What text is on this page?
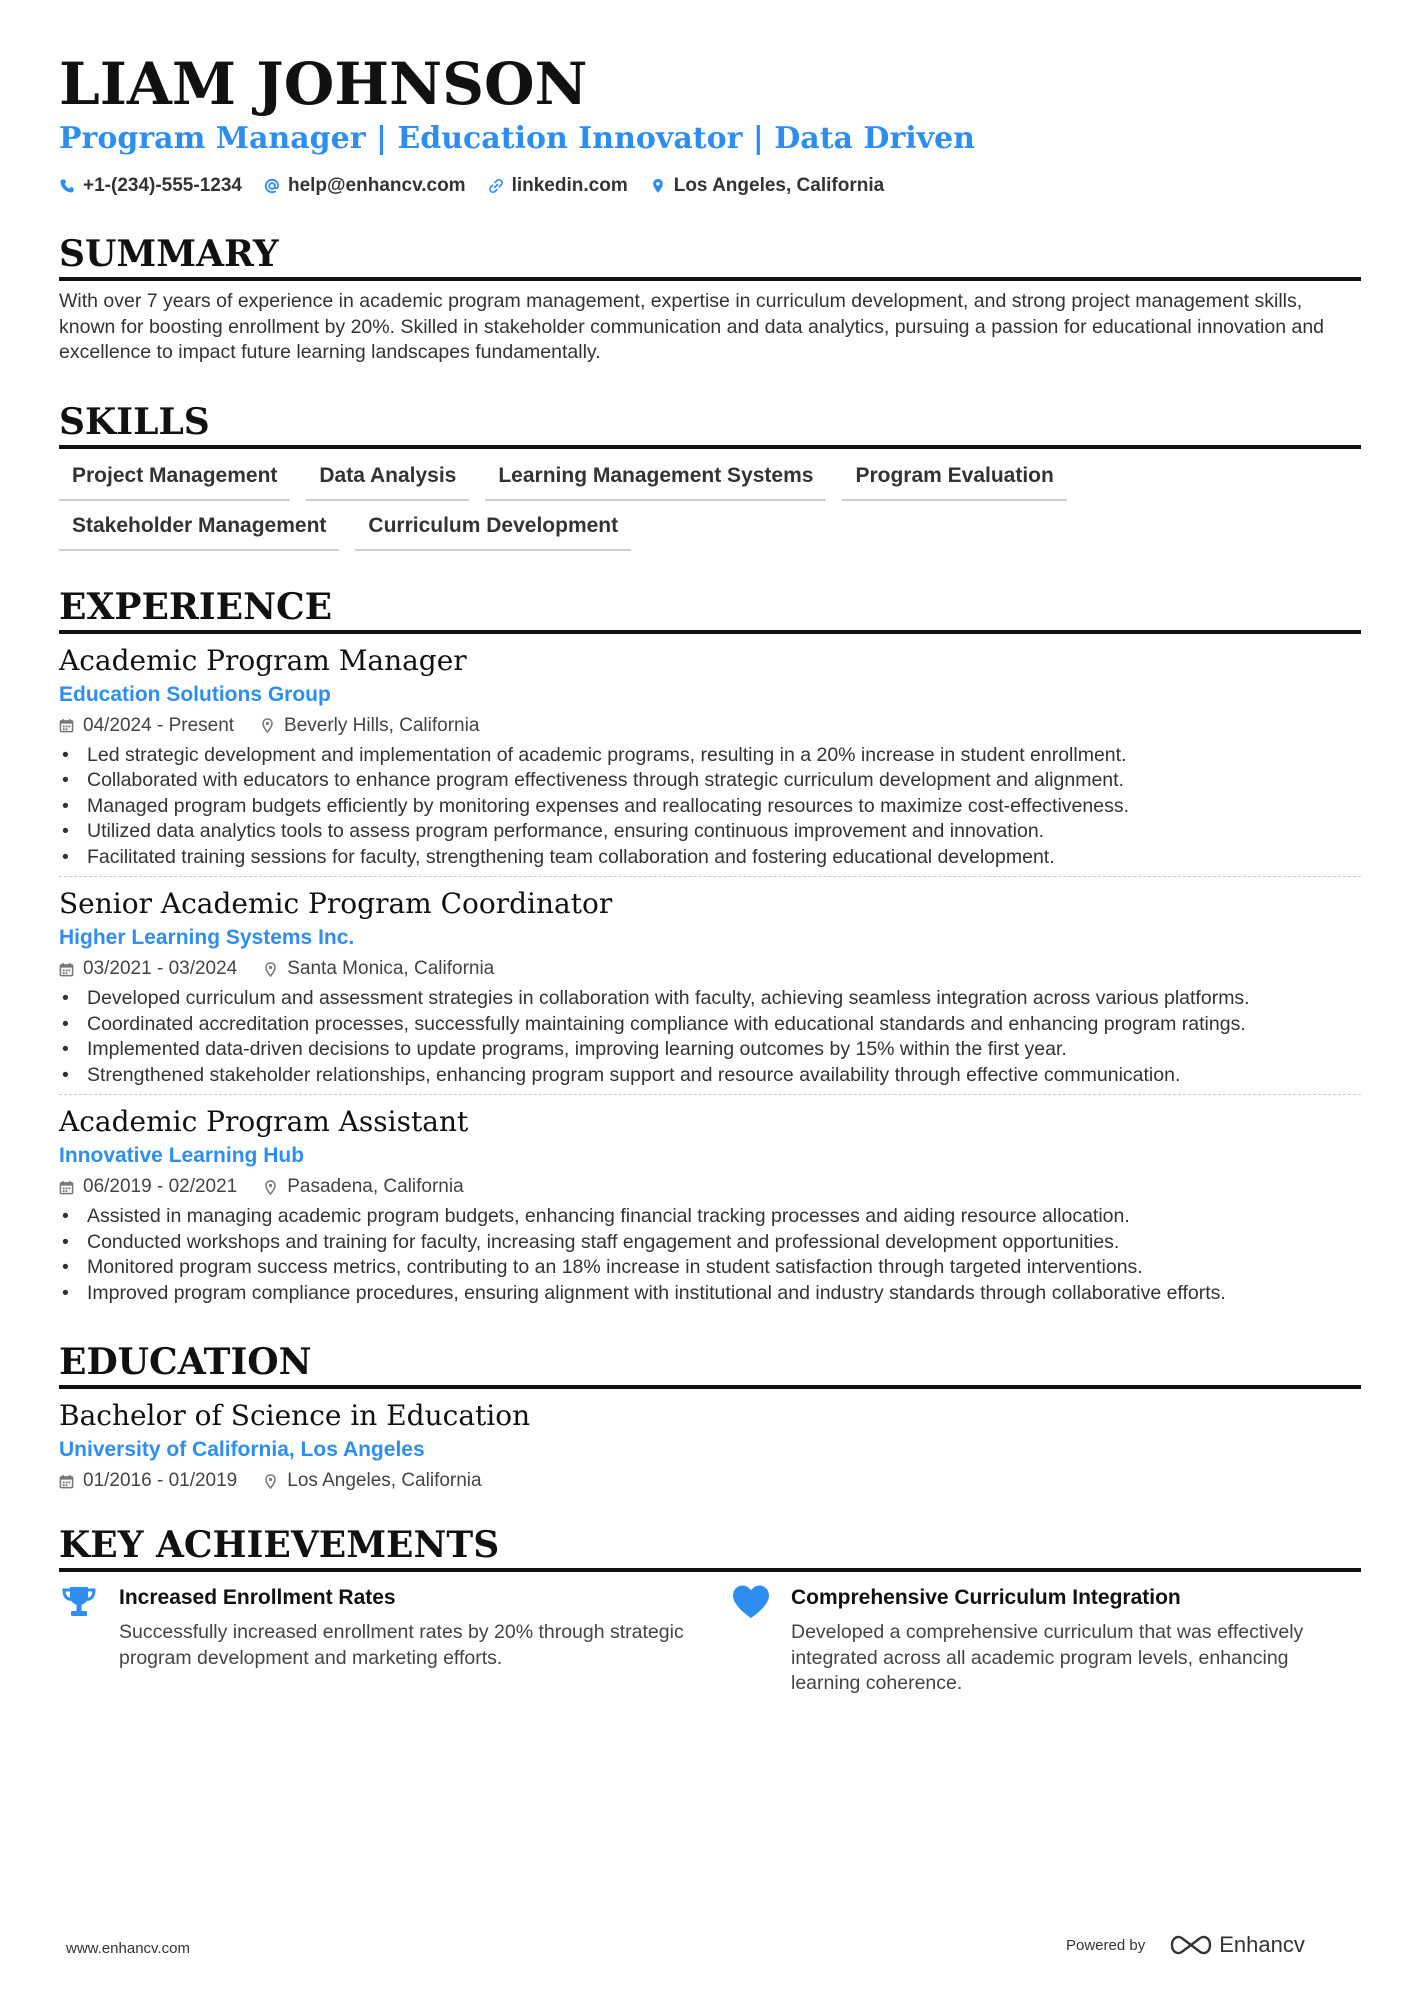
LIAM JOHNSON
Program Manager | Education Innovator | Data Driven
+1-(234)-555-1234 help@enhancv.com linkedin.com Los Angeles, California
SUMMARY

With over 7 years of experience in academic program management, expertise in curriculum development, and strong project management skills, known for boosting enrollment by 20%. Skilled in stakeholder communication and data analytics, pursuing a passion for educational innovation and excellence to impact future learning landscapes fundamentally.

SKILLS
Project Management	Data Analysis	Learning Management Systems	Program Evaluation
Stakeholder Management	Curriculum Development
EXPERIENCE
Academic Program Manager
Education Solutions Group
04/2024 - Present	Beverly Hills, California
• Led strategic development and implementation of academic programs, resulting in a 20% increase in student enrollment.
• Collaborated with educators to enhance program effectiveness through strategic curriculum development and alignment.
• Managed program budgets efficiently by monitoring expenses and reallocating resources to maximize cost-effectiveness.
• Utilized data analytics tools to assess program performance, ensuring continuous improvement and innovation.
• Facilitated training sessions for faculty, strengthening team collaboration and fostering educational development.
Senior Academic Program Coordinator
Higher Learning Systems Inc.
03/2021 - 03/2024	Santa Monica, California
• Developed curriculum and assessment strategies in collaboration with faculty, achieving seamless integration across various platforms.
• Coordinated accreditation processes, successfully maintaining compliance with educational standards and enhancing program ratings.
• Implemented data-driven decisions to update programs, improving learning outcomes by 15% within the first year.
• Strengthened stakeholder relationships, enhancing program support and resource availability through effective communication.
Academic Program Assistant
Innovative Learning Hub
06/2019 - 02/2021	Pasadena, California
• Assisted in managing academic program budgets, enhancing financial tracking processes and aiding resource allocation.
• Conducted workshops and training for faculty, increasing staff engagement and professional development opportunities.
• Monitored program success metrics, contributing to an 18% increase in student satisfaction through targeted interventions.
• Improved program compliance procedures, ensuring alignment with institutional and industry standards through collaborative efforts.
EDUCATION
Bachelor of Science in Education
University of California, Los Angeles
01/2016 - 01/2019	Los Angeles, California
KEY ACHIEVEMENTS
Increased Enrollment Rates
Successfully increased enrollment rates by 20% through strategic program development and marketing efforts.
Comprehensive Curriculum Integration
Developed a comprehensive curriculum that was effectively integrated across all academic program levels, enhancing learning coherence.
www.enhancv.com	Powered by	Enhancv
